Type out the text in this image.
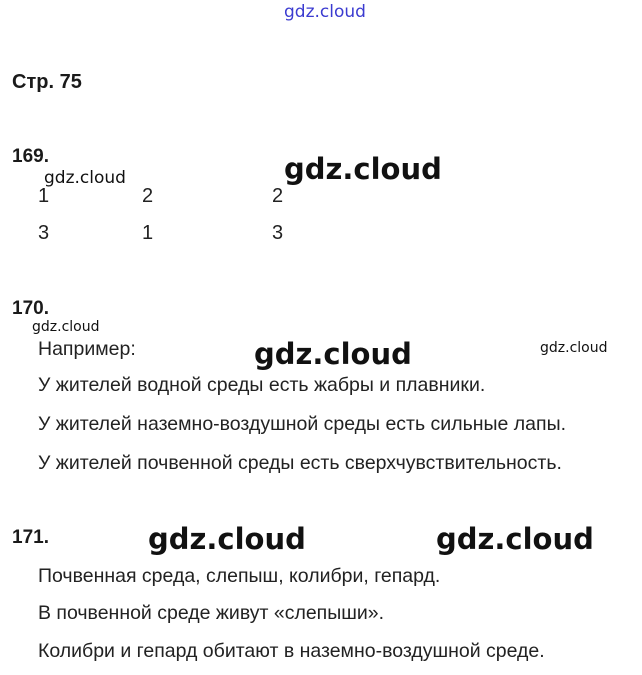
gdz.cloud
Стр. 75
169.	gdz.cloud
gdz.cloud
1	2	2
3	1	3
170.
gdz.cloud
gdz.cloud	gdz.cloud
Например:
У жителей водной среды есть жабры и плавники.
У жителей наземно-воздушной среды есть сильные лапы.
У жителей почвенной среды есть сверхчувствительность.
171.	gdz.cloud	gdz.cloud
Почвенная среда, слепыш, колибри, гепард.
В почвенной среде живут «слепыши».
Колибри и гепард обитают в наземно-воздушной среде.
